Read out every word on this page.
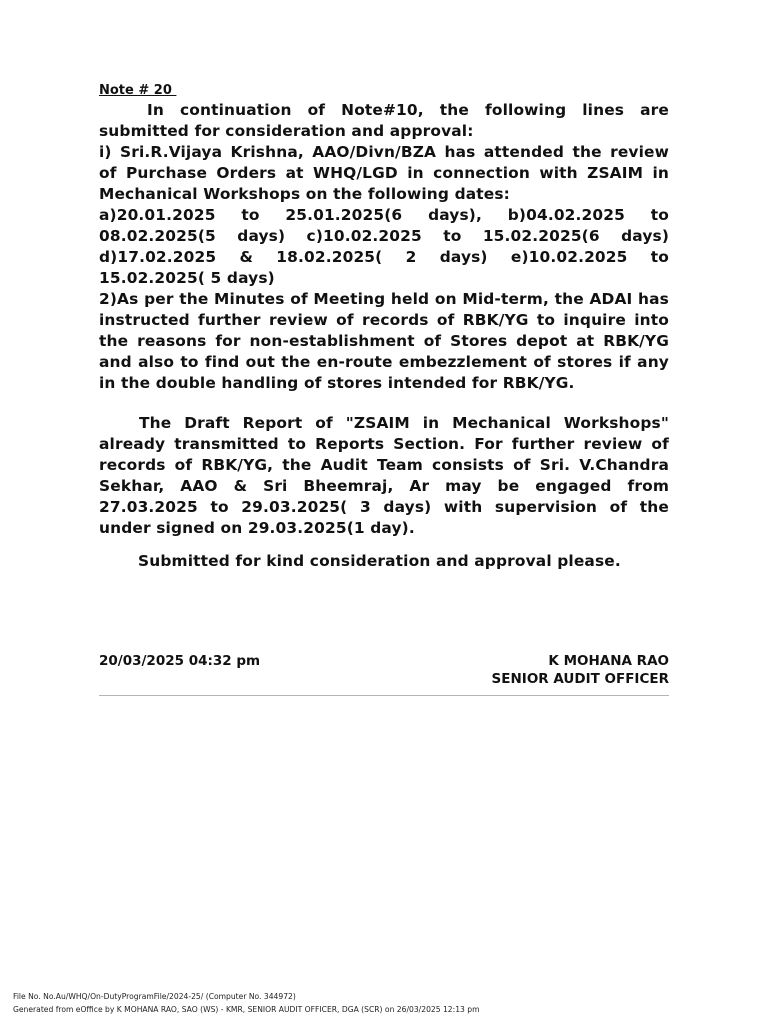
Note # 20

In continuation of Note#10, the following lines are submitted for consideration and approval:

i) Sri.R.Vijaya Krishna, AAO/Divn/BZA has attended the review of Purchase Orders at WHQ/LGD in connection with ZSAIM in Mechanical Workshops on the following dates:

a)20.01.2025 to 25.01.2025(6 days), b)04.02.2025 to 08.02.2025(5 days) c)10.02.2025 to 15.02.2025(6 days) d)17.02.2025 & 18.02.2025( 2 days) e)10.02.2025 to 15.02.2025( 5 days)

2)As per the Minutes of Meeting held on Mid-term, the ADAI has instructed further review of records of RBK/YG to inquire into the reasons for non-establishment of Stores depot at RBK/YG and also to find out the en-route embezzlement of stores if any in the double handling of stores intended for RBK/YG.

The Draft Report of "ZSAIM in Mechanical Workshops" already transmitted to Reports Section. For further review of records of RBK/YG, the Audit Team consists of Sri. V.Chandra Sekhar, AAO & Sri Bheemraj, Ar may be engaged from 27.03.2025 to 29.03.2025( 3 days) with supervision of the under signed on 29.03.2025(1 day).

Submitted for kind consideration and approval please.

20/03/2025 04:32 pm	K MOHANA RAO
SENIOR AUDIT OFFICER
File No. No.Au/WHQ/On-DutyProgramFile/2024-25/ (Computer No. 344972)
Generated from eOffice by K MOHANA RAO, SAO (WS) - KMR, SENIOR AUDIT OFFICER, DGA (SCR) on 26/03/2025 12:13 pm
